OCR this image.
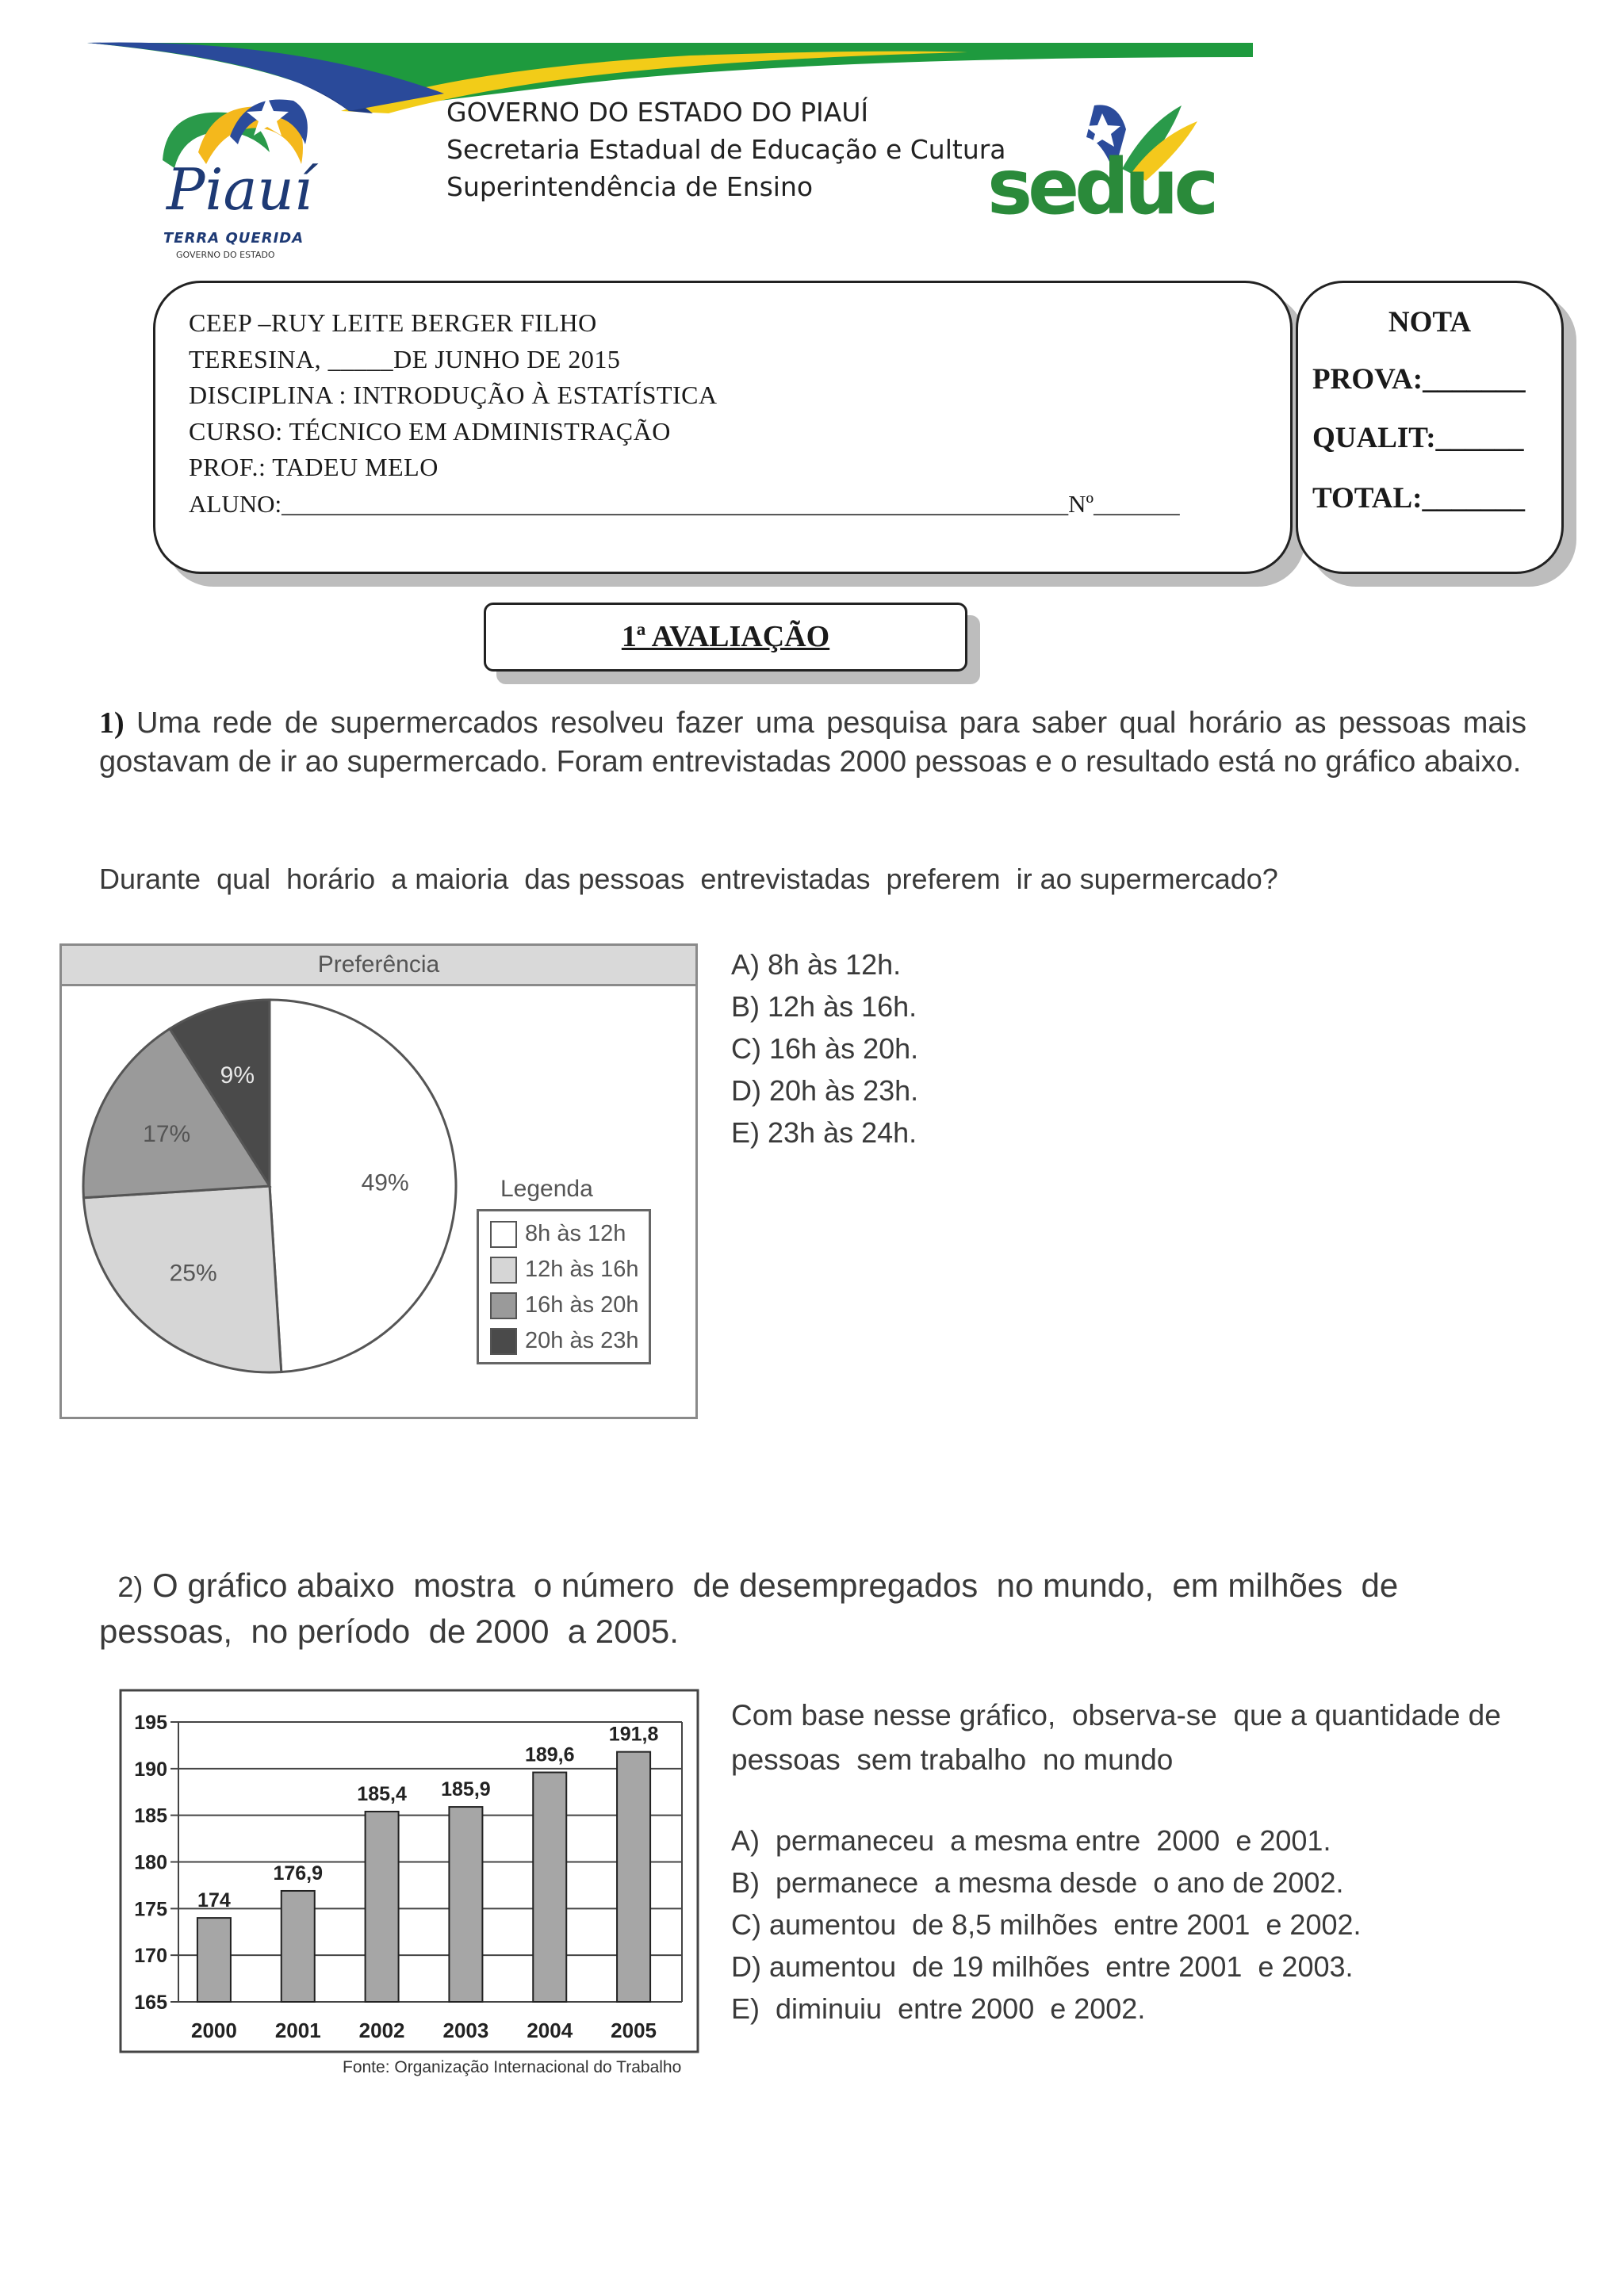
Piauí
TERRA QUERIDA
GOVERNO DO ESTADO
GOVERNO DO ESTADO DO PIAUÍ
Secretaria Estadual de Educação e Cultura
Superintendência de Ensino	seduc
CEEP –RUY LEITE BERGER FILHO
TERESINA, _____DE JUNHO DE 2015
DISCIPLINA : INTRODUÇÃO À ESTATÍSTICA
CURSO: TÉCNICO EM ADMINISTRAÇÃO
PROF.: TADEU MELO
ALUNO:________________________________________________________________Nº_______
NOTA
PROVA:_______
QUALIT:______
TOTAL:_______
1ª AVALIAÇÃO
1) Uma rede de supermercados resolveu fazer uma pesquisa para saber qual horário as pessoas mais gostavam de ir ao supermercado. Foram entrevistadas 2000 pessoas e o resultado está no gráfico abaixo.
Durante  qual  horário  a maioria  das pessoas  entrevistadas  preferem  ir ao supermercado?
Preferência
49%
25%
17%
9%
Legenda
8h às 12h
12h às 16h
16h às 20h
20h às 23h
A) 8h às 12h.
B) 12h às 16h.
C) 16h às 20h.
D) 20h às 23h.
E) 23h às 24h.

2) O gráfico abaixo  mostra  o número  de desempregados  no mundo,  em milhões  de pessoas,  no período  de 2000  a 2005.

165
170
175
180
185
190
195
174
2000
176,9
2001
185,4
2002
185,9
2003
189,6
2004
191,8
2005
Fonte: Organização Internacional do Trabalho
Com base nesse gráfico,  observa-se  que a quantidade de pessoas  sem trabalho  no mundo
A)  permaneceu  a mesma entre  2000  e 2001.
B)  permanece  a mesma desde  o ano de 2002.
C) aumentou  de 8,5 milhões  entre 2001  e 2002.
D) aumentou  de 19 milhões  entre 2001  e 2003.
E)  diminuiu  entre 2000  e 2002.
